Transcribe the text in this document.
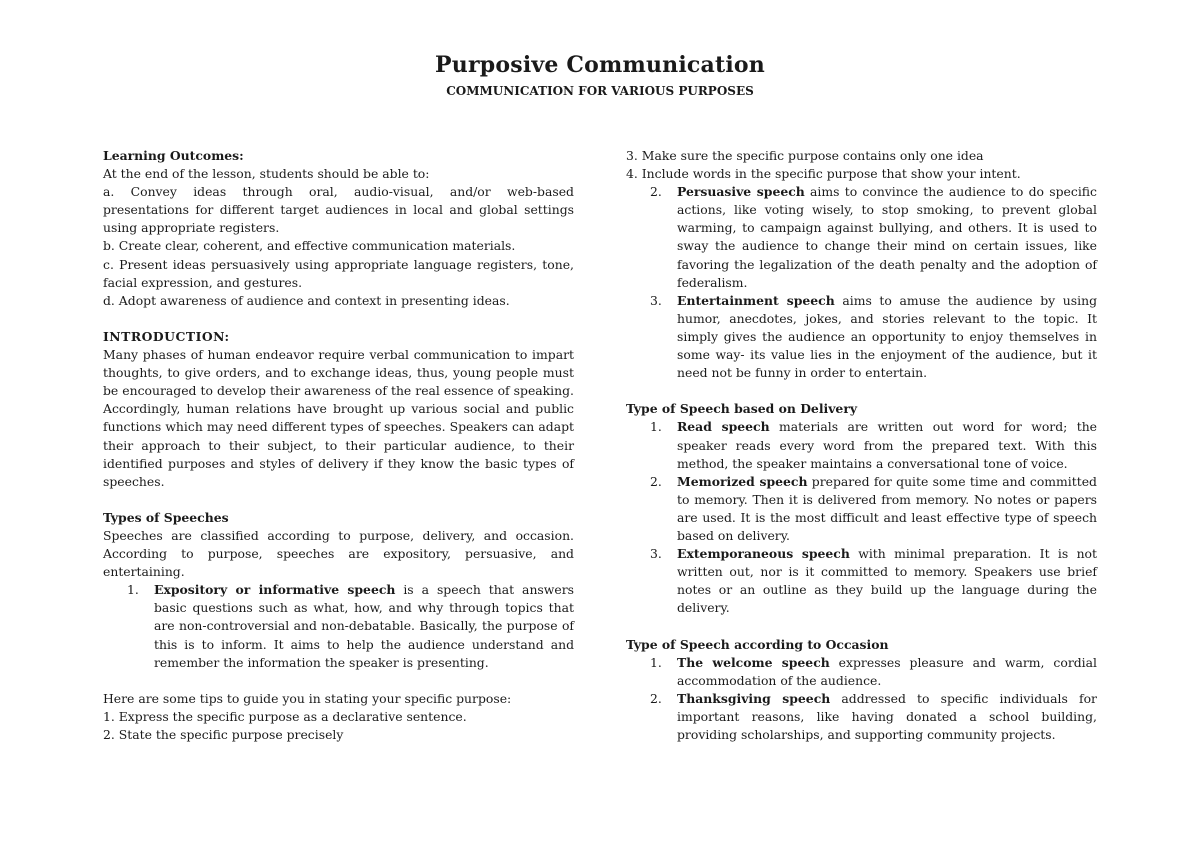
Purposive Communication
COMMUNICATION FOR VARIOUS PURPOSES

Learning Outcomes:

At the end of the lesson, students should be able to:

a. Convey ideas through oral, audio-visual, and/or web-based presentations for different target audiences in local and global settings using appropriate registers.

b. Create clear, coherent, and effective communication materials.

c. Present ideas persuasively using appropriate language registers, tone, facial expression, and gestures.

d. Adopt awareness of audience and context in presenting ideas.

INTRODUCTION:

Many phases of human endeavor require verbal communication to impart thoughts, to give orders, and to exchange ideas, thus, young people must be encouraged to develop their awareness of the real essence of speaking. Accordingly, human relations have brought up various social and public functions which may need different types of speeches. Speakers can adapt their approach to their subject, to their particular audience, to their identified purposes and styles of delivery if they know the basic types of speeches.

Types of Speeches

Speeches are classified according to purpose, delivery, and occasion. According to purpose, speeches are expository, persuasive, and entertaining.

1. Expository or informative speech is a speech that answers basic questions such as what, how, and why through topics that are non-controversial and non-debatable. Basically, the purpose of this is to inform. It aims to help the audience understand and remember the information the speaker is presenting.

Here are some tips to guide you in stating your specific purpose:

1. Express the specific purpose as a declarative sentence.

2. State the specific purpose precisely

3. Make sure the specific purpose contains only one idea

4. Include words in the specific purpose that show your intent.

2. Persuasive speech aims to convince the audience to do specific actions, like voting wisely, to stop smoking, to prevent global warming, to campaign against bullying, and others. It is used to sway the audience to change their mind on certain issues, like favoring the legalization of the death penalty and the adoption of federalism.
3. Entertainment speech aims to amuse the audience by using humor, anecdotes, jokes, and stories relevant to the topic. It simply gives the audience an opportunity to enjoy themselves in some way- its value lies in the enjoyment of the audience, but it need not be funny in order to entertain.

Type of Speech based on Delivery

1. Read speech materials are written out word for word; the speaker reads every word from the prepared text. With this method, the speaker maintains a conversational tone of voice.
2. Memorized speech prepared for quite some time and committed to memory. Then it is delivered from memory. No notes or papers are used. It is the most difficult and least effective type of speech based on delivery.
3. Extemporaneous speech with minimal preparation. It is not written out, nor is it committed to memory. Speakers use brief notes or an outline as they build up the language during the delivery.

Type of Speech according to Occasion

1. The welcome speech expresses pleasure and warm, cordial accommodation of the audience.
2. Thanksgiving speech addressed to specific individuals for important reasons, like having donated a school building, providing scholarships, and supporting community projects.
